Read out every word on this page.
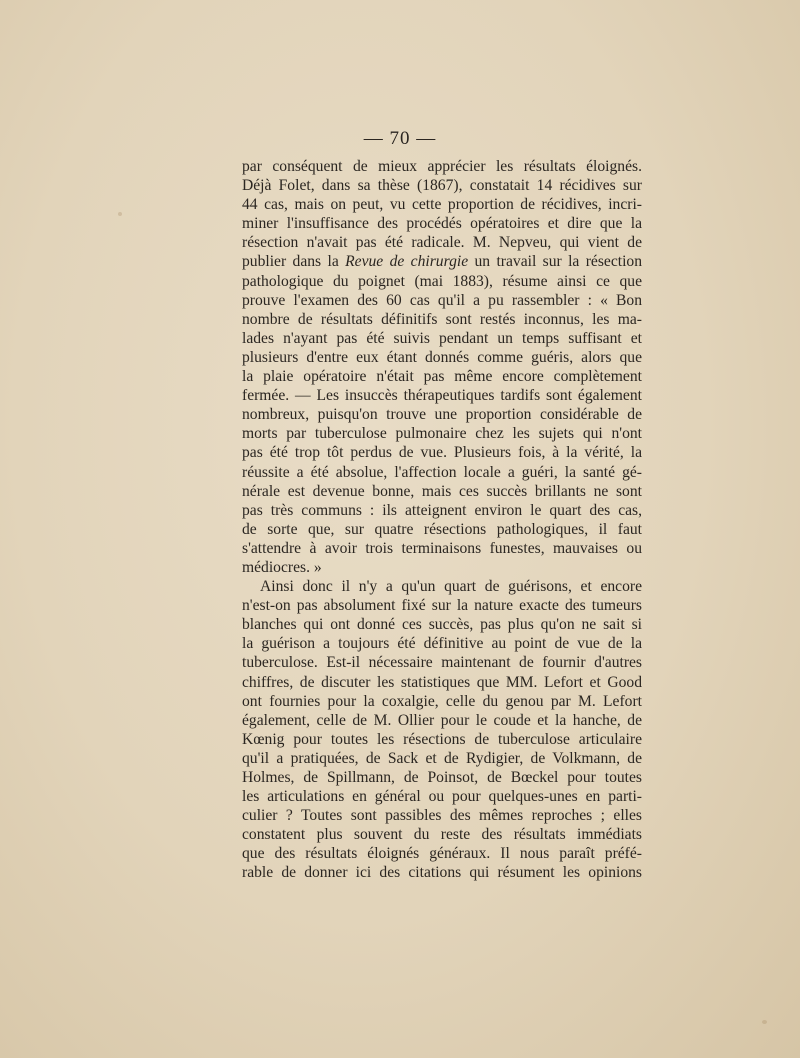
— 70 —
par conséquent de mieux apprécier les résultats éloignés.
Déjà Folet, dans sa thèse (1867), constatait 14 récidives sur
44 cas, mais on peut, vu cette proportion de récidives, incri-
miner l'insuffisance des procédés opératoires et dire que la
résection n'avait pas été radicale. M. Nepveu, qui vient de
publier dans la Revue de chirurgie un travail sur la résection
pathologique du poignet (mai 1883), résume ainsi ce que
prouve l'examen des 60 cas qu'il a pu rassembler : « Bon
nombre de résultats définitifs sont restés inconnus, les ma-
lades n'ayant pas été suivis pendant un temps suffisant et
plusieurs d'entre eux étant donnés comme guéris, alors que
la plaie opératoire n'était pas même encore complètement
fermée. — Les insuccès thérapeutiques tardifs sont également
nombreux, puisqu'on trouve une proportion considérable de
morts par tuberculose pulmonaire chez les sujets qui n'ont
pas été trop tôt perdus de vue. Plusieurs fois, à la vérité, la
réussite a été absolue, l'affection locale a guéri, la santé gé-
nérale est devenue bonne, mais ces succès brillants ne sont
pas très communs : ils atteignent environ le quart des cas,
de sorte que, sur quatre résections pathologiques, il faut
s'attendre à avoir trois terminaisons funestes, mauvaises ou
médiocres. »
Ainsi donc il n'y a qu'un quart de guérisons, et encore
n'est-on pas absolument fixé sur la nature exacte des tumeurs
blanches qui ont donné ces succès, pas plus qu'on ne sait si
la guérison a toujours été définitive au point de vue de la
tuberculose. Est-il nécessaire maintenant de fournir d'autres
chiffres, de discuter les statistiques que MM. Lefort et Good
ont fournies pour la coxalgie, celle du genou par M. Lefort
également, celle de M. Ollier pour le coude et la hanche, de
Kœnig pour toutes les résections de tuberculose articulaire
qu'il a pratiquées, de Sack et de Rydigier, de Volkmann, de
Holmes, de Spillmann, de Poinsot, de Bœckel pour toutes
les articulations en général ou pour quelques-unes en parti-
culier ? Toutes sont passibles des mêmes reproches ; elles
constatent plus souvent du reste des résultats immédiats
que des résultats éloignés généraux. Il nous paraît préfé-
rable de donner ici des citations qui résument les opinions
